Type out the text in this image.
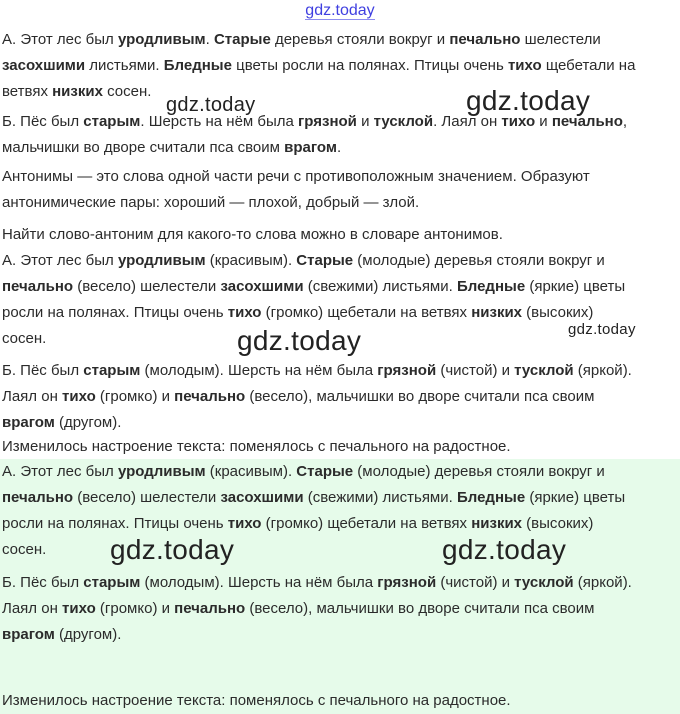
gdz.today

А. Этот лес был уродливым. Старые деревья стояли вокруг и печально шелестели

засохшими листьями. Бледные цветы росли на полянах. Птицы очень тихо щебетали на

ветвях низких сосен.

Б. Пёс был старым. Шерсть на нём была грязной и тусклой. Лаял он тихо и печально,

мальчишки во дворе считали пса своим врагом.

Антонимы — это слова одной части речи с противоположным значением. Образуют

антонимические пары: хороший — плохой, добрый — злой.

Найти слово-антоним для какого-то слова можно в словаре антонимов.

А. Этот лес был уродливым (красивым). Старые (молодые) деревья стояли вокруг и

печально (весело) шелестели засохшими (свежими) листьями. Бледные (яркие) цветы

росли на полянах. Птицы очень тихо (громко) щебетали на ветвях низких (высоких)

сосен.

Б. Пёс был старым (молодым). Шерсть на нём была грязной (чистой) и тусклой (яркой).

Лаял он тихо (громко) и печально (весело), мальчишки во дворе считали пса своим

врагом (другом).

Изменилось настроение текста: поменялось с печального на радостное.

А. Этот лес был уродливым (красивым). Старые (молодые) деревья стояли вокруг и

печально (весело) шелестели засохшими (свежими) листьями. Бледные (яркие) цветы

росли на полянах. Птицы очень тихо (громко) щебетали на ветвях низких (высоких)

сосен.

Б. Пёс был старым (молодым). Шерсть на нём была грязной (чистой) и тусклой (яркой).

Лаял он тихо (громко) и печально (весело), мальчишки во дворе считали пса своим

врагом (другом).

Изменилось настроение текста: поменялось с печального на радостное.

gdz.today	gdz.today
gdz.today	gdz.today
gdz.today	gdz.today
